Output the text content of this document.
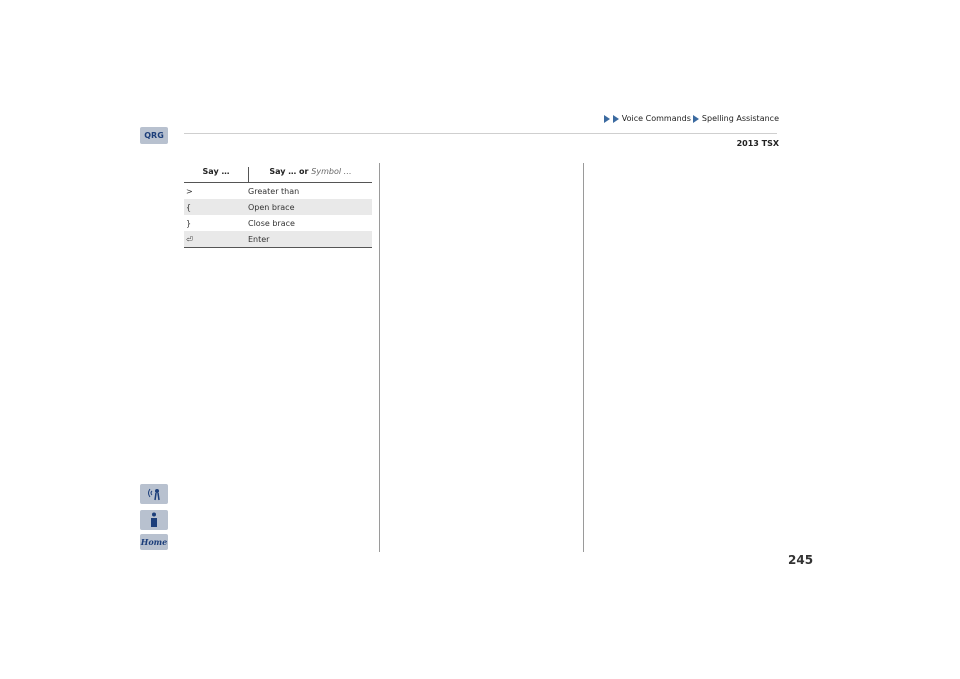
Voice Commands Spelling Assistance
2013 TSX
QRG
Home
Say …	Say … or Symbol …
>	Greater than
{	Open brace
}	Close brace
⏎	Enter
245
